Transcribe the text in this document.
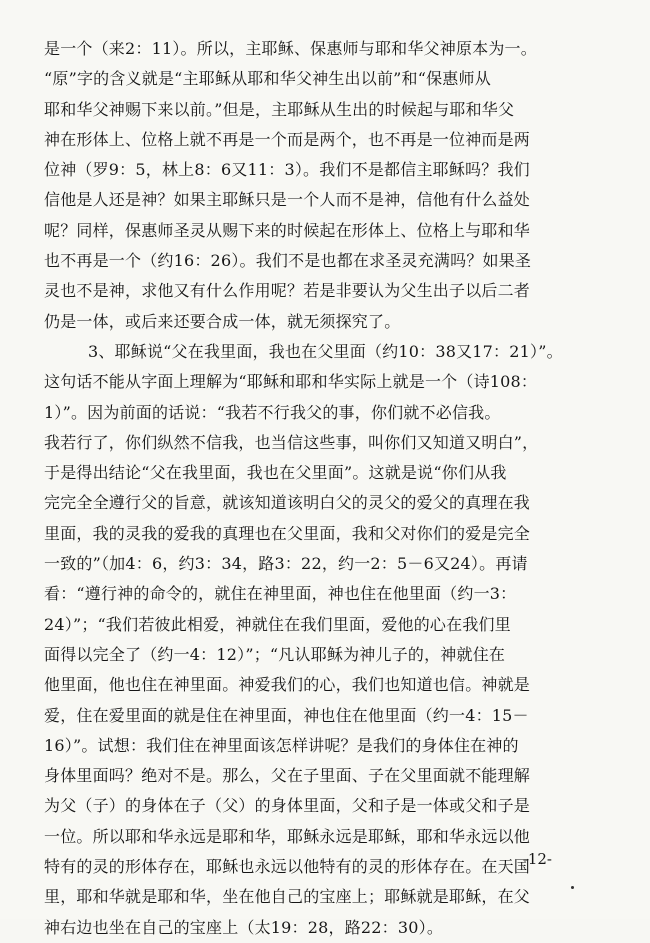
是一个（来2：11）。所以，主耶稣、保惠师与耶和华父神原本为一。
“原”字的含义就是“主耶稣从耶和华父神生出以前”和“保惠师从
耶和华父神赐下来以前。”但是，主耶稣从生出的时候起与耶和华父
神在形体上、位格上就不再是一个而是两个，也不再是一位神而是两
位神（罗9：5，林上8：6又11：3）。我们不是都信主耶稣吗？我们
信他是人还是神？如果主耶稣只是一个人而不是神，信他有什么益处
呢？同样，保惠师圣灵从赐下来的时候起在形体上、位格上与耶和华
也不再是一个（约16：26）。我们不是也都在求圣灵充满吗？如果圣
灵也不是神，求他又有什么作用呢？若是非要认为父生出子以后二者
仍是一体，或后来还要合成一体，就无须探究了。
3、耶稣说“父在我里面，我也在父里面（约10：38又17：21）”。
这句话不能从字面上理解为“耶稣和耶和华实际上就是一个（诗108：
1）”。因为前面的话说：“我若不行我父的事，你们就不必信我。
我若行了，你们纵然不信我，也当信这些事，叫你们又知道又明白”，
于是得出结论“父在我里面，我也在父里面”。这就是说“你们从我
完完全全遵行父的旨意，就该知道该明白父的灵父的爱父的真理在我
里面，我的灵我的爱我的真理也在父里面，我和父对你们的爱是完全
一致的”（加4：6，约3：34，路3：22，约一2：5－6又24）。再请
看：“遵行神的命令的，就住在神里面，神也住在他里面（约一3：
24）”；“我们若彼此相爱，神就住在我们里面，爱他的心在我们里
面得以完全了（约一4：12）”；“凡认耶稣为神儿子的，神就住在
他里面，他也住在神里面。神爱我们的心，我们也知道也信。神就是
爱，住在爱里面的就是住在神里面，神也住在他里面（约一4：15－
16）”。试想：我们住在神里面该怎样讲呢？是我们的身体住在神的
身体里面吗？绝对不是。那么，父在子里面、子在父里面就不能理解
为父（子）的身体在子（父）的身体里面，父和子是一体或父和子是
一位。所以耶和华永远是耶和华，耶稣永远是耶稣，耶和华永远以他
特有的灵的形体存在，耶稣也永远以他特有的灵的形体存在。在天国
里，耶和华就是耶和华，坐在他自己的宝座上；耶稣就是耶稣，在父
神右边也坐在自己的宝座上（太19：28，路22：30）。
-12-
